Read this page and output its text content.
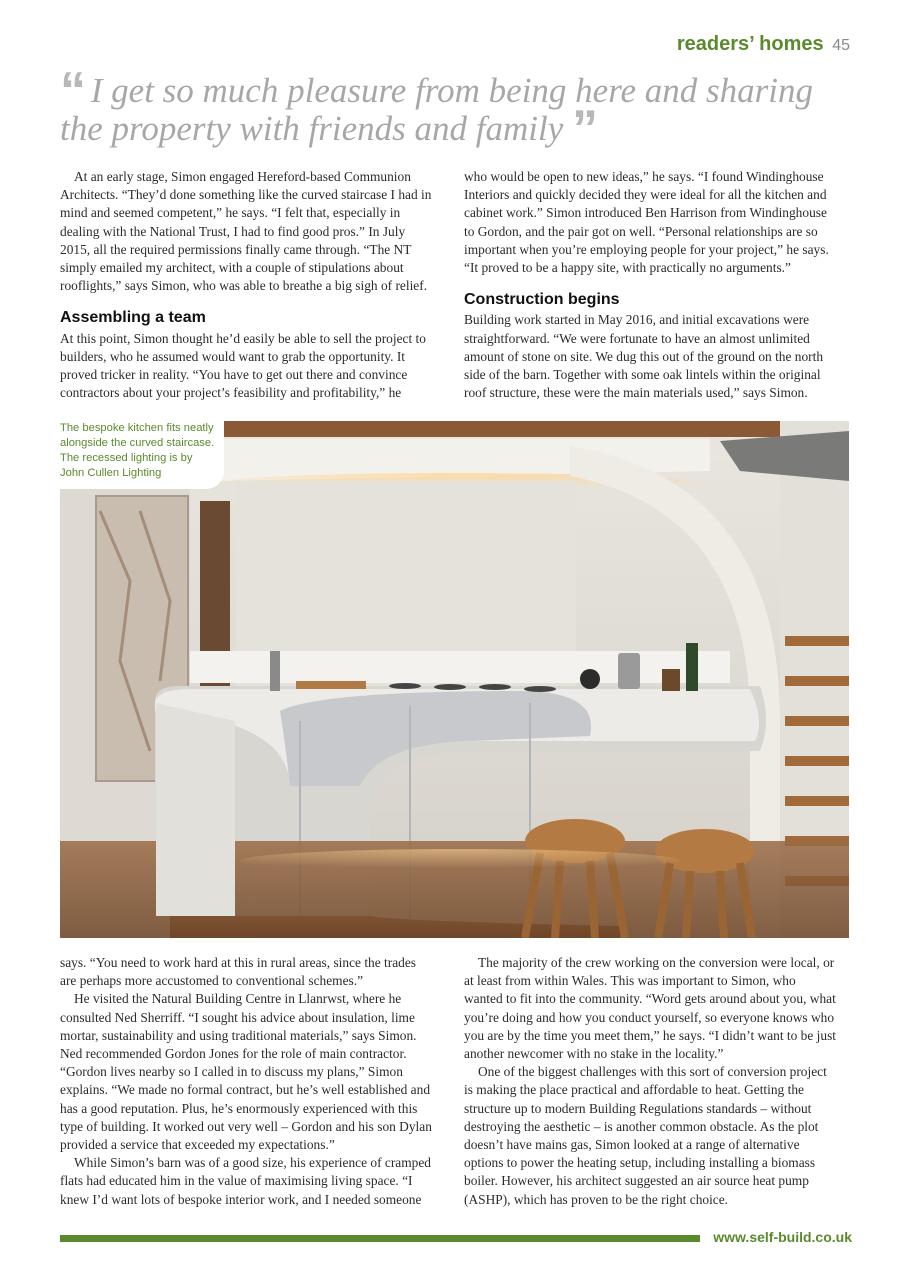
readers’ homes 45
“ I get so much pleasure from being here and sharing
the property with friends and family ”

At an early stage, Simon engaged Hereford-based Communion Architects. “They’d done something like the curved staircase I had in mind and seemed competent,” he says. “I felt that, especially in dealing with the National Trust, I had to find good pros.” In July 2015, all the required permissions finally came through. “The NT simply emailed my architect, with a couple of stipulations about rooflights,” says Simon, who was able to breathe a big sigh of relief.

Assembling a team

At this point, Simon thought he’d easily be able to sell the project to builders, who he assumed would want to grab the opportunity. It proved tricker in reality. “You have to get out there and convince contractors about your project’s feasibility and profitability,” he

who would be open to new ideas,” he says. “I found Windinghouse Interiors and quickly decided they were ideal for all the kitchen and cabinet work.” Simon introduced Ben Harrison from Windinghouse to Gordon, and the pair got on well. “Personal relationships are so important when you’re employing people for your project,” he says. “It proved to be a happy site, with practically no arguments.”

Construction begins

Building work started in May 2016, and initial excavations were straightforward. “We were fortunate to have an almost unlimited amount of stone on site. We dug this out of the ground on the north side of the barn. Together with some oak lintels within the original roof structure, these were the main materials used,” says Simon.

The bespoke kitchen fits neatly
alongside the curved staircase.
The recessed lighting is by
John Cullen Lighting

says. “You need to work hard at this in rural areas, since the trades are perhaps more accustomed to conventional schemes.”

He visited the Natural Building Centre in Llanrwst, where he consulted Ned Sherriff. “I sought his advice about insulation, lime mortar, sustainability and using traditional materials,” says Simon. Ned recommended Gordon Jones for the role of main contractor. “Gordon lives nearby so I called in to discuss my plans,” Simon explains. “We made no formal contract, but he’s well established and has a good reputation. Plus, he’s enormously experienced with this type of building. It worked out very well – Gordon and his son Dylan provided a service that exceeded my expectations.”

While Simon’s barn was of a good size, his experience of cramped flats had educated him in the value of maximising living space. “I knew I’d want lots of bespoke interior work, and I needed someone

The majority of the crew working on the conversion were local, or at least from within Wales. This was important to Simon, who wanted to fit into the community. “Word gets around about you, what you’re doing and how you conduct yourself, so everyone knows who you are by the time you meet them,” he says. “I didn’t want to be just another newcomer with no stake in the locality.”

One of the biggest challenges with this sort of conversion project is making the place practical and affordable to heat. Getting the structure up to modern Building Regulations standards – without destroying the aesthetic – is another common obstacle. As the plot doesn’t have mains gas, Simon looked at a range of alternative options to power the heating setup, including installing a biomass boiler. However, his architect suggested an air source heat pump (ASHP), which has proven to be the right choice.

www.self-build.co.uk
